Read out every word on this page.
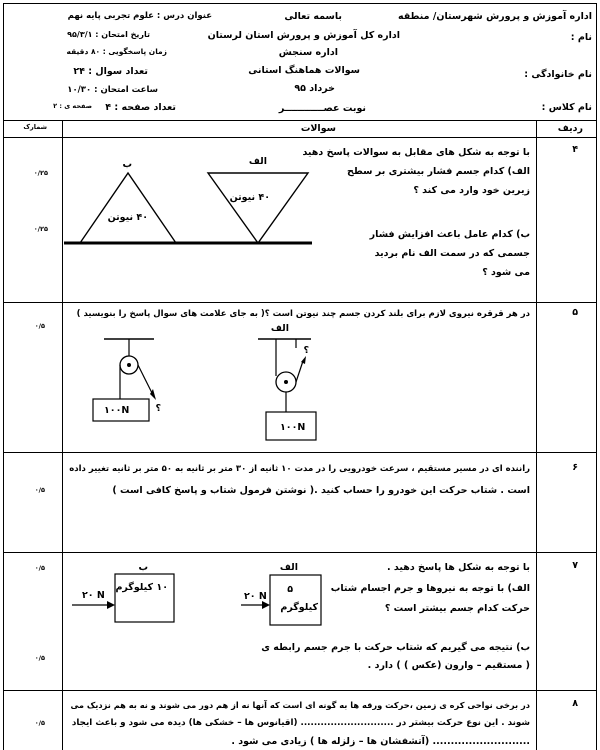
اداره آموزش و پرورش شهرستان/ منطقه
نام :
نام خانوادگی :
نام کلاس :
باسمه تعالی
اداره کل آموزش و پرورش استان لرستان
اداره سنجش
سوالات هماهنگ استانی
خرداد ۹۵
نوبت عصــــــــــــر
عنوان درس : علوم تجربی پایه نهم
تاریخ امتحان : ۹۵/۳/۱
زمان پاسخگویی : ۸۰ دقیقه
تعداد سوال : ۲۴
ساعت امتحان : ۱۰/۳۰
تعداد صفحه : ۴
صفحه ی : ۲
ردیف
سوالات
شمارک
۴
با توجه به شکل های مقابل به سوالات پاسخ دهید
الف) کدام جسم فشار بیشتری بر سطح
زیرین خود وارد می کند ؟
ب) کدام عامل باعث افزایش فشار
جسمی که در سمت الف نام بردید
می شود ؟
۰/۲۵
۰/۲۵
ب	الف
۴۰ نیوتن
۴۰ نیوتن
۵
در هر قرقره نیروی لازم برای بلند کردن جسم چند نیوتن است ؟( به جای علامت های سوال پاسخ را بنویسید )
۰/۵	الف
۱۰۰N
۱۰۰N
؟
؟
۶
راننده ای در مسیر مستقیم ، سرعت خودرویی را در مدت ۱۰ ثانیه از ۳۰ متر بر ثانیه به ۵۰ متر بر ثانیه تغییر داده
است . شتاب حرکت این خودرو را حساب کنید .( نوشتن فرمول شتاب و پاسخ کافی است )
۰/۵
۷
با توجه به شکل ها پاسخ دهید .
الف) با توجه به نیروها و جرم اجسام شتاب
حرکت کدام جسم بیشتر است ؟
ب) نتیجه می گیریم که شتاب حرکت با جرم جسم رابطه ی
( مستقیم – وارون (عکس ) ) دارد .
۰/۵
۰/۵
ب	الف
۱۰ کیلوگرم	۵
کیلوگرم
۲۰ N	۲۰ N
۸
در برخی نواحی کره ی زمین ،حرکت ورقه ها به گونه ای است که آنها نه از هم دور می شوند و نه به هم نزدیک می
شوند . این نوع حرکت بیشتر در ............................ (اقیانوس ها – خشکی ها) دیده می شود و باعث ایجاد
........................... (آتشفشان ها – زلزله ها ) زیادی می شود .
۰/۵
